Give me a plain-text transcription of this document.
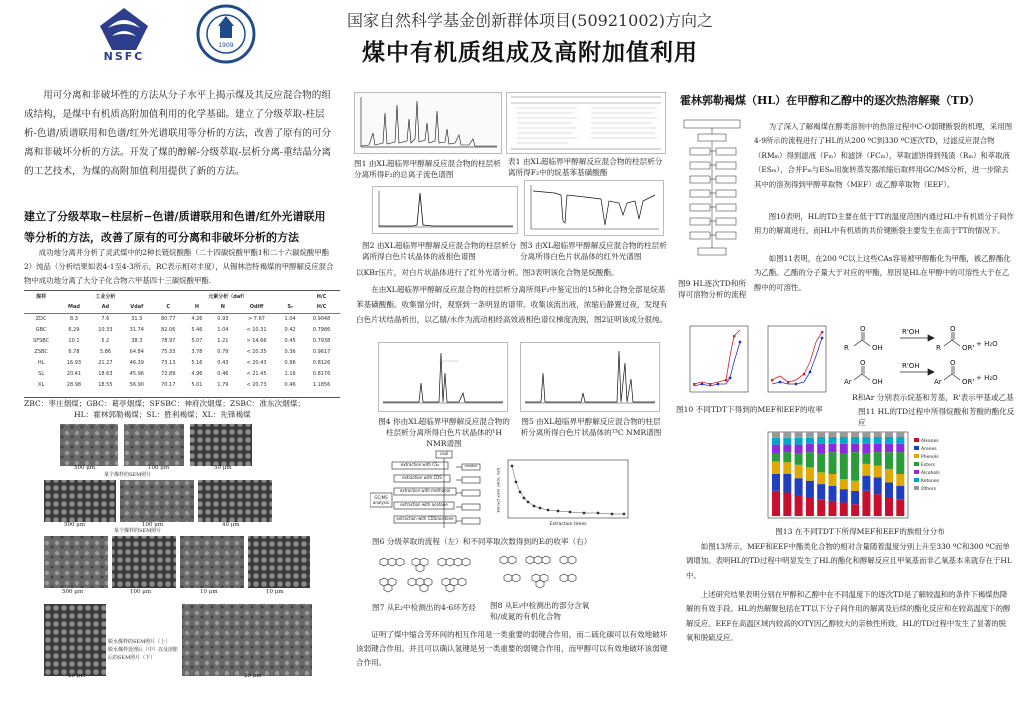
NSFC
1909
国家自然科学基金创新群体项目(50921002)方向之
煤中有机质组成及高附加值利用
用可分离和非破坏性的方法从分子水平上揭示煤及其反应混合物的组成结构，是煤中有机质高附加值利用的化学基础。建立了分级萃取-柱层析-色谱/质谱联用和色谱/红外光谱联用等分析的方法，改善了原有的可分离和非破坏分析的方法。开发了煤的醇解-分级萃取-层析分离-重结晶分离的工艺技术，为煤的高附加值利用提供了新的方法。
建立了分级萃取−柱层析−色谱/质谱联用和色谱/红外光谱联用等分析的方法，改善了原有的可分离和非破坏分析的方法
成功地分离并分析了灵武煤中的2种长链烷酸酯（二十四碳烷酸甲酯1和二十六碳烷酸甲酯2）纯品（分析结果如表4-1至4-3所示，RC表示相对丰度），从锡林浩特褐煤的甲醇解反应混合物中成功地分离了大分子化合物六甲基四十三碳烷酸甲酯.
煤样	工业分析			元素分析（daf）					H/C
	Mad	Ad	Vdaf	C	H	N	Odiff	Sₜ	H/C
ZDC	8.3	7.6	31.3	80.77	4.26	0.93	> 7.67	1.04	0.9048
GBC	6.29	10.33	31.74	82.06	5.46	1.04	< 10.31	0.42	0.7986
SFSBC	10.1	5.2	38.3	78.97	5.07	1.21	> 14.66	0.45	0.7938
ZSBC	6.78	5.86	64.84	75.33	3.78	0.79	< 20.35	0.36	0.9617
HL	16.93	21.27	46.39	73.13	5.16	0.43	< 20.43	0.96	0.8126
SL	20.41	18.63	45.96	72.89	4.96	0.46	< 21.45	1.16	0.8176
XL	28.98	18.55	56.90	70.17	5.01	1.79	< 20.73	0.46	1.1856
ZBC：枣庄烟煤；GBC：葛亭烟煤；SFSBC：神府次烟煤；ZSBC：准东次烟煤；
HL：霍林郭勒褐煤；SL：胜利褐煤；XL：先锋褐煤
500 μm	100 μm	50 μm
某个煤样的SEM照片
500 μm	100 μm	40 μm
某个煤样的SEM照片
500 μm	100 μm	10 μm	10 μm
脱水煤样的SEM照片（上）
脱水煤样处理后（中）以及溶胀后的SEM照片（下）
20 μm	20 μm
图1 由XL超临界甲醇解反应混合物的柱层析分离所得F₂的总离子流色谱图
表1 由XL超临界甲醇解反应混合物的柱层析分离所得F₂中的烷基苯基磺酸酯
图2 由XL超临界甲醇解反应混合物的柱层析分离所得白色片状晶体的液相色谱图
图3 由XL超临界甲醇解反应混合物的柱层析分离所得白色片状晶体的红外光谱图
以KBr压片，对白片状晶体进行了红外光谱分析。图3表明该化合物是烷酸酯。
在由XL超临界甲醇解反应混合物的柱层析分离所得F₂中鉴定出的15种化合物全部是烷基苯基磺酸酯。收集馏分时，观察到一条明显的谱带。收集该流出液，浓缩后静置过夜，发现有白色片状结晶析出，以乙腈/水作为流动相经高效液相色谱仪梯度洗脱，图2证明该成分很纯。
图4 你由XL超临界甲醇解反应混合物的柱层析分离所得白色片状晶体的¹H NMR谱图
图5 由XL超临界甲醇解反应混合物的柱层析分离所得白色片状晶体的¹³C NMR谱图
coal
extraction with CS₂
extraction with CDS
extraction with methanol
extraction with acetone
extraction with CDS/acetone
residue
GC/MS analysis	Extract yield (wt%, daf)
Extraction times
图6 分级萃取的流程（左）和不同萃取次数得到的Eᵢ的收率（右）
图7 从E₂中检测出的4-6环芳烃	图8 从E₃中检测出的部分含氧和/或氮的有机化合物
证明了煤中缩合芳环间的相互作用是一类重要的弱键合作用，而二硫化碳可以有效地破坏该弱键合作用。并且可以确认氢键是另一类重要的弱键合作用，而甲醇可以有效地破坏该弱键合作用。
霍林郭勒褐煤（HL）在甲醇和乙醇中的逐次热溶解聚（TD）
图9 HL逐次TD和所得可溶物分析的流程
为了深入了解褐煤在醇类溶剂中的热溶过程中C-O弱键断裂的机理，采用图4-9所示的流程进行了HL的从200 ºC到330 ºC逐次TD，过滤反应混合物（RMₘ）得到滤液（Fₘ）和滤饼（FCₘ），萃取滤饼得到残渣（Rₘ）和萃取液（ESₘ），合并Fₘ与ESₘ用旋转蒸发器浓缩后取样用GC/MS分析，进一步除去其中的溶剂得到甲醇萃取物（MEF）或乙醇萃取物（EEF）。
图10表明，HL的TD主要在低于TT的温度范围内通过HL中有机质分子间作用力的解离进行，而HL中有机质的共价键断裂主要发生在高于TT的情况下。
如图11表明，在200 ºC以上这些CAs容易被甲醇酯化为甲酯，被乙醇酯化为乙酯。乙酯的分子量大于对应的甲酯，原因是HL在甲醇中的可溶性大于在乙醇中的可溶性。
图10 不同TDT下得到的MEF和EEF的收率
R	OH
O	R'OH
R	OR'
O
Ar	OH
O	R'OH
Ar	OR'
O
+ H₂O
+ H₂O
R和Ar 分别表示烷基和芳基，R'表示甲基或乙基
图11 HL的TD过程中所得烷酸和芳酸的酯化反应
Alkanes
Arenes
Phenols
Esters
Alcohols
Ketones
Others
图13 在不同TDT下所得MEF和EEF的族组分分布
如图13所示，MEF和EEF中酯类化合物的相对含量随着温度分别上升至330 ºC和300 ºC而单调增加。表明HL的TD过程中明显发生了HL的酯化和醇解反应且甲氧基而非乙氧基本来就存在于HL中。
上述研究结果表明分别在甲醇和乙醇中在不同温度下的逐次TD是了解较温和的条件下褐煤热降解的有效手段。HL的热解聚包括在TT以下分子间作用的解离及后续的酯化反应和在较高温度下的醇解反应。EEF在高温区域内较高的OTY因乙醇较大的亲核性所致。HL的TD过程中发生了显著的脱氧和脱硫反应。
